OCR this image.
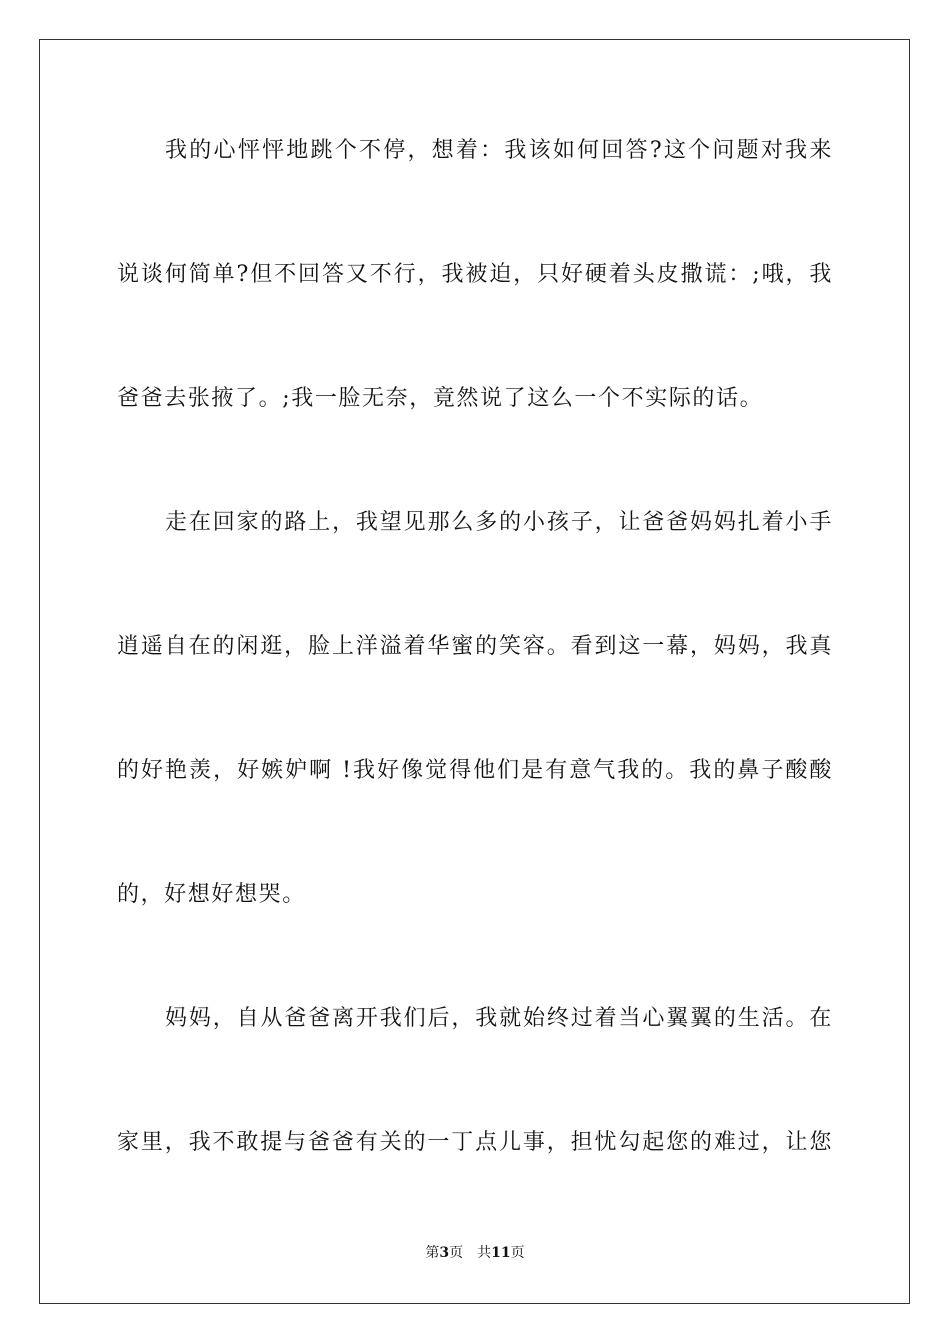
我的心怦怦地跳个不停，想着：我该如何回答?这个问题对我来
说谈何简单?但不回答又不行，我被迫，只好硬着头皮撒谎：;哦，我
爸爸去张掖了。;我一脸无奈，竟然说了这么一个不实际的话。
走在回家的路上，我望见那么多的小孩子，让爸爸妈妈扎着小手
逍遥自在的闲逛，脸上洋溢着华蜜的笑容。看到这一幕，妈妈，我真
的好艳羡，好嫉妒啊 !我好像觉得他们是有意气我的。我的鼻子酸酸
的，好想好想哭。
妈妈，自从爸爸离开我们后，我就始终过着当心翼翼的生活。在
家里，我不敢提与爸爸有关的一丁点儿事，担忧勾起您的难过，让您
第3页 共11页
